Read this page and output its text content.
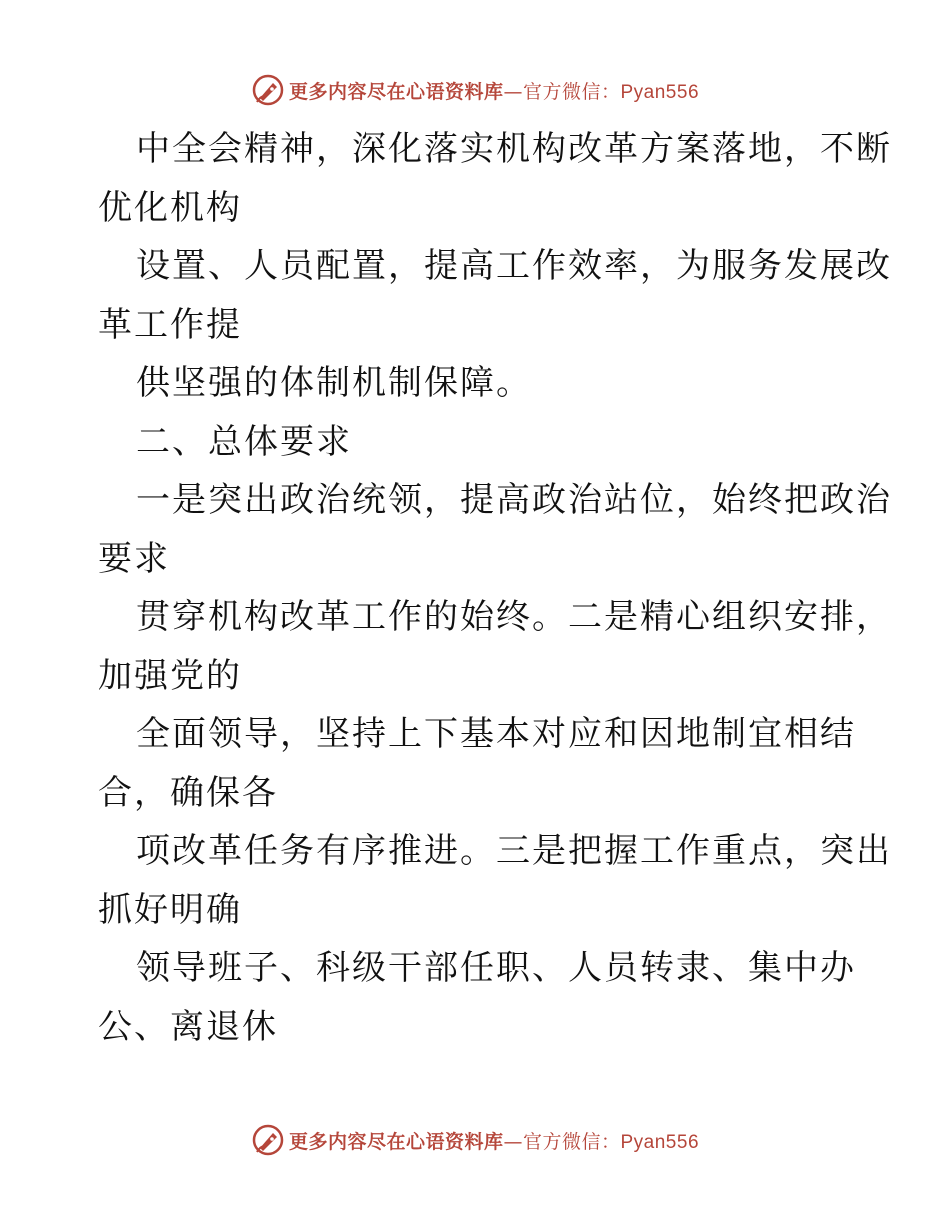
更多内容尽在心语资料库—官方微信：Pyan556
中全会精神，深化落实机构改革方案落地，不断
优化机构
设置、人员配置，提高工作效率，为服务发展改
革工作提
供坚强的体制机制保障。
二、总体要求
一是突出政治统领，提高政治站位，始终把政治
要求
贯穿机构改革工作的始终。二是精心组织安排，
加强党的
全面领导，坚持上下基本对应和因地制宜相结
合，确保各
项改革任务有序推进。三是把握工作重点，突出
抓好明确
领导班子、科级干部任职、人员转隶、集中办
公、离退休
更多内容尽在心语资料库—官方微信：Pyan556
